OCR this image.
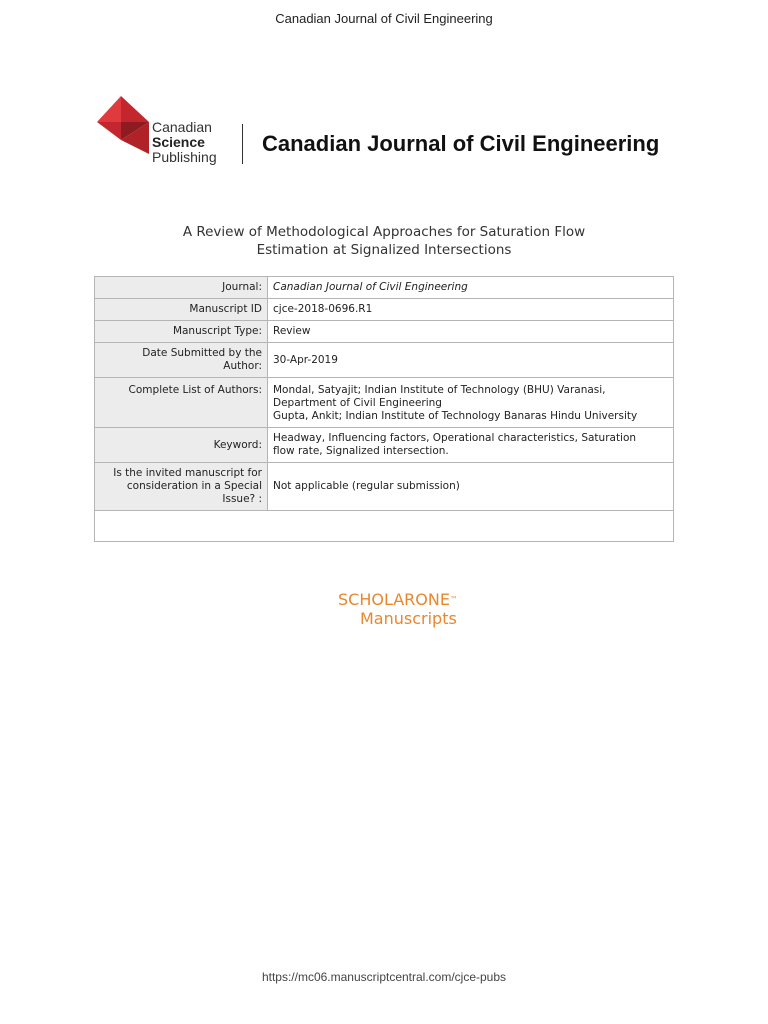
Canadian Journal of Civil Engineering
Canadian
Science
Publishing
Canadian Journal of Civil Engineering
A Review of Methodological Approaches for Saturation Flow
Estimation at Signalized Intersections
Journal:	Canadian Journal of Civil Engineering
Manuscript ID	cjce-2018-0696.R1
Manuscript Type:	Review

Date Submitted by the
Author:	30-Apr-2019
Complete List of Authors:	Mondal, Satyajit; Indian Institute of Technology (BHU) Varanasi,
Department of Civil Engineering
Gupta, Ankit; Indian Institute of Technology Banaras Hindu University

Keyword:	Headway, Influencing factors, Operational characteristics, Saturation
flow rate, Signalized intersection.

Is the invited manuscript for
consideration in a Special
Issue? :	Not applicable (regular submission)

SCHOLARONE™
Manuscripts
https://mc06.manuscriptcentral.com/cjce-pubs
